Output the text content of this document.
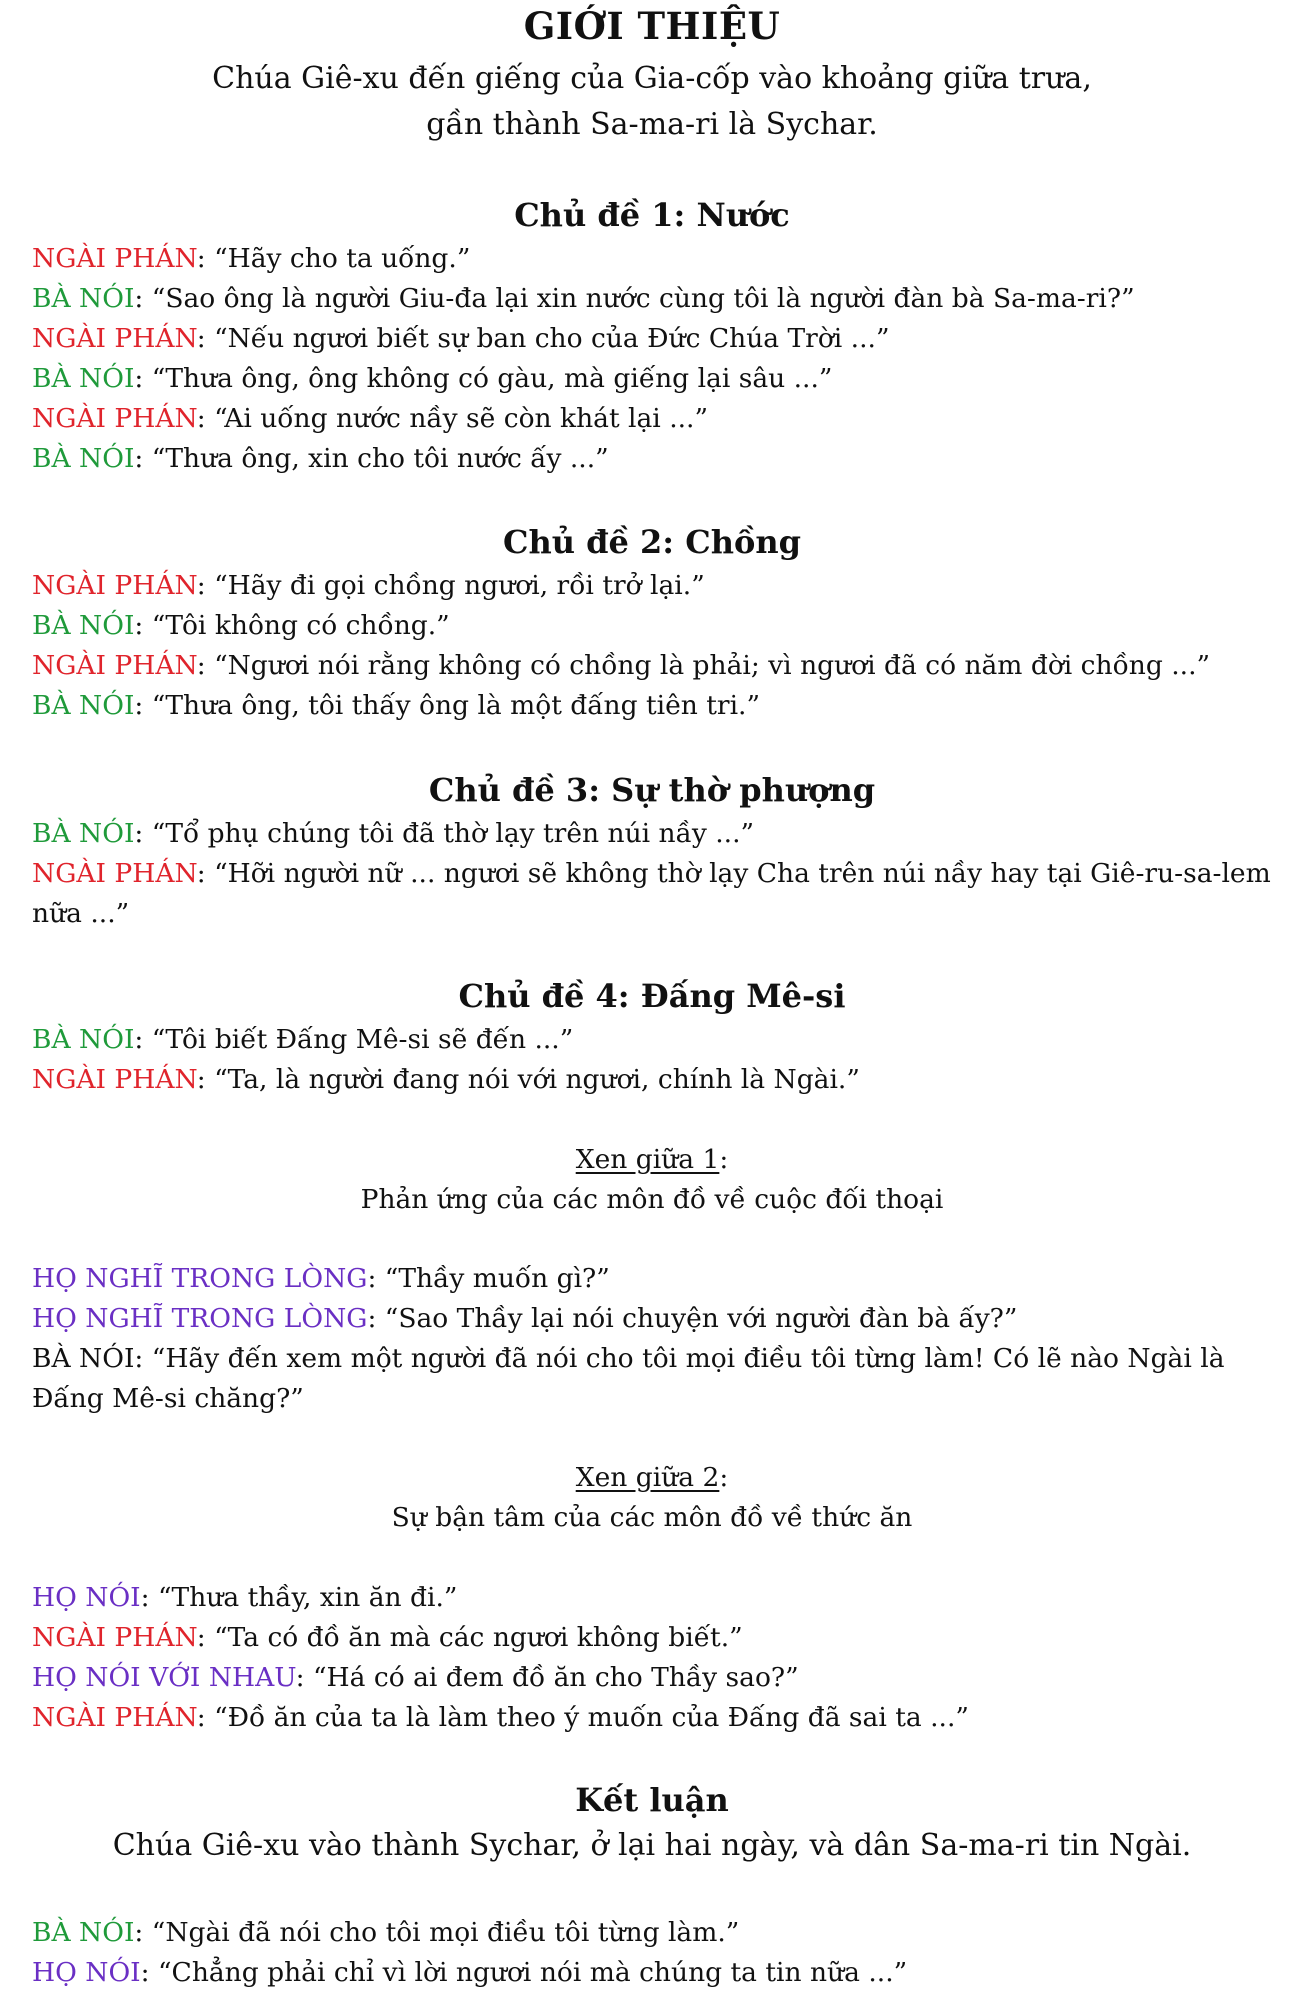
GIỚI THIỆU
Chúa Giê-xu đến giếng của Gia-cốp vào khoảng giữa trưa,
gần thành Sa-ma-ri là Sychar.
Chủ đề 1: Nước
NGÀI PHÁN: “Hãy cho ta uống.”
BÀ NÓI: “Sao ông là người Giu-đa lại xin nước cùng tôi là người đàn bà Sa-ma-ri?”
NGÀI PHÁN: “Nếu ngươi biết sự ban cho của Đức Chúa Trời ...”
BÀ NÓI: “Thưa ông, ông không có gàu, mà giếng lại sâu ...”
NGÀI PHÁN: “Ai uống nước nầy sẽ còn khát lại ...”
BÀ NÓI: “Thưa ông, xin cho tôi nước ấy ...”
Chủ đề 2: Chồng
NGÀI PHÁN: “Hãy đi gọi chồng ngươi, rồi trở lại.”
BÀ NÓI: “Tôi không có chồng.”
NGÀI PHÁN: “Ngươi nói rằng không có chồng là phải; vì ngươi đã có năm đời chồng ...”
BÀ NÓI: “Thưa ông, tôi thấy ông là một đấng tiên tri.”
Chủ đề 3: Sự thờ phượng
BÀ NÓI: “Tổ phụ chúng tôi đã thờ lạy trên núi nầy ...”
NGÀI PHÁN: “Hỡi người nữ ... ngươi sẽ không thờ lạy Cha trên núi nầy hay tại Giê-ru-sa-lem nữa ...”
Chủ đề 4: Đấng Mê-si
BÀ NÓI: “Tôi biết Đấng Mê-si sẽ đến ...”
NGÀI PHÁN: “Ta, là người đang nói với ngươi, chính là Ngài.”
Xen giữa 1:
Phản ứng của các môn đồ về cuộc đối thoại
HỌ NGHĨ TRONG LÒNG: “Thầy muốn gì?”
HỌ NGHĨ TRONG LÒNG: “Sao Thầy lại nói chuyện với người đàn bà ấy?”
BÀ NÓI: “Hãy đến xem một người đã nói cho tôi mọi điều tôi từng làm! Có lẽ nào Ngài là Đấng Mê-si chăng?”
Xen giữa 2:
Sự bận tâm của các môn đồ về thức ăn
HỌ NÓI: “Thưa thầy, xin ăn đi.”
NGÀI PHÁN: “Ta có đồ ăn mà các ngươi không biết.”
HỌ NÓI VỚI NHAU: “Há có ai đem đồ ăn cho Thầy sao?”
NGÀI PHÁN: “Đồ ăn của ta là làm theo ý muốn của Đấng đã sai ta ...”
Kết luận
Chúa Giê-xu vào thành Sychar, ở lại hai ngày, và dân Sa-ma-ri tin Ngài.
BÀ NÓI: “Ngài đã nói cho tôi mọi điều tôi từng làm.”
HỌ NÓI: “Chẳng phải chỉ vì lời ngươi nói mà chúng ta tin nữa ...”
